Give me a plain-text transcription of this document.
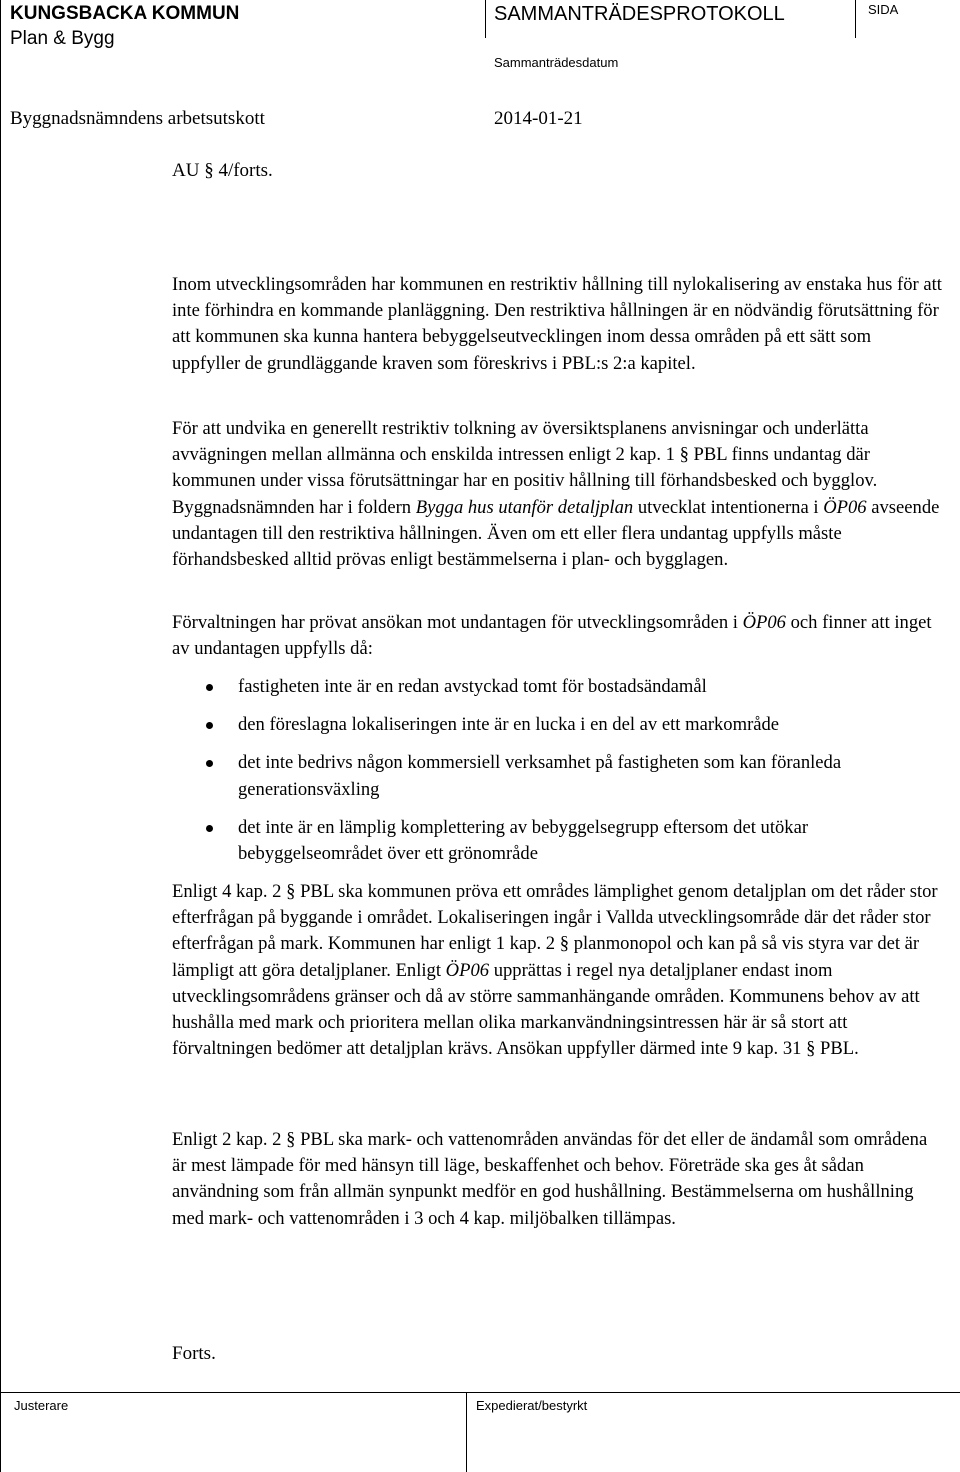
KUNGSBACKA KOMMUN
Plan & Bygg
SAMMANTRÄDESPROTOKOLL	SIDA
Sammanträdesdatum
Byggnadsnämndens arbetsutskott	2014-01-21
AU § 4/forts.

Inom utvecklingsområden har kommunen en restriktiv hållning till nylokalisering av enstaka hus för att inte förhindra en kommande planläggning. Den restriktiva hållningen är en nödvändig förutsättning för att kommunen ska kunna hantera bebyggelseutvecklingen inom dessa områden på ett sätt som uppfyller de grundläggande kraven som föreskrivs i PBL:s 2:a kapitel.

För att undvika en generellt restriktiv tolkning av översiktsplanens anvisningar och underlätta avvägningen mellan allmänna och enskilda intressen enligt 2 kap. 1 § PBL finns undantag där kommunen under vissa förutsättningar har en positiv hållning till förhandsbesked och bygglov. Byggnadsnämnden har i foldern Bygga hus utanför detaljplan utvecklat intentionerna i ÖP06 avseende undantagen till den restriktiva hållningen. Även om ett eller flera undantag uppfylls måste förhandsbesked alltid prövas enligt bestämmelserna i plan- och bygglagen.

Förvaltningen har prövat ansökan mot undantagen för utvecklingsområden i ÖP06 och finner att inget av undantagen uppfylls då:

fastigheten inte är en redan avstyckad tomt för bostadsändamål
den föreslagna lokaliseringen inte är en lucka i en del av ett markområde
det inte bedrivs någon kommersiell verksamhet på fastigheten som kan föranleda generationsväxling
det inte är en lämplig komplettering av bebyggelsegrupp eftersom det utökar bebyggelseområdet över ett grönområde

Enligt 4 kap. 2 § PBL ska kommunen pröva ett områdes lämplighet genom detaljplan om det råder stor efterfrågan på byggande i området. Lokaliseringen ingår i Vallda utvecklingsområde där det råder stor efterfrågan på mark. Kommunen har enligt 1 kap. 2 § planmonopol och kan på så vis styra var det är lämpligt att göra detaljplaner. Enligt ÖP06 upprättas i regel nya detaljplaner endast inom utvecklingsområdens gränser och då av större sammanhängande områden. Kommunens behov av att hushålla med mark och prioritera mellan olika markanvändningsintressen här är så stort att förvaltningen bedömer att detaljplan krävs. Ansökan uppfyller därmed inte 9 kap. 31 § PBL.

Enligt 2 kap. 2 § PBL ska mark- och vattenområden användas för det eller de ändamål som områdena är mest lämpade för med hänsyn till läge, beskaffenhet och behov. Företräde ska ges åt sådan användning som från allmän synpunkt medför en god hushållning. Bestämmelserna om hushållning med mark- och vattenområden i 3 och 4 kap. miljöbalken tillämpas.

Forts.
Justerare	Expedierat/bestyrkt
